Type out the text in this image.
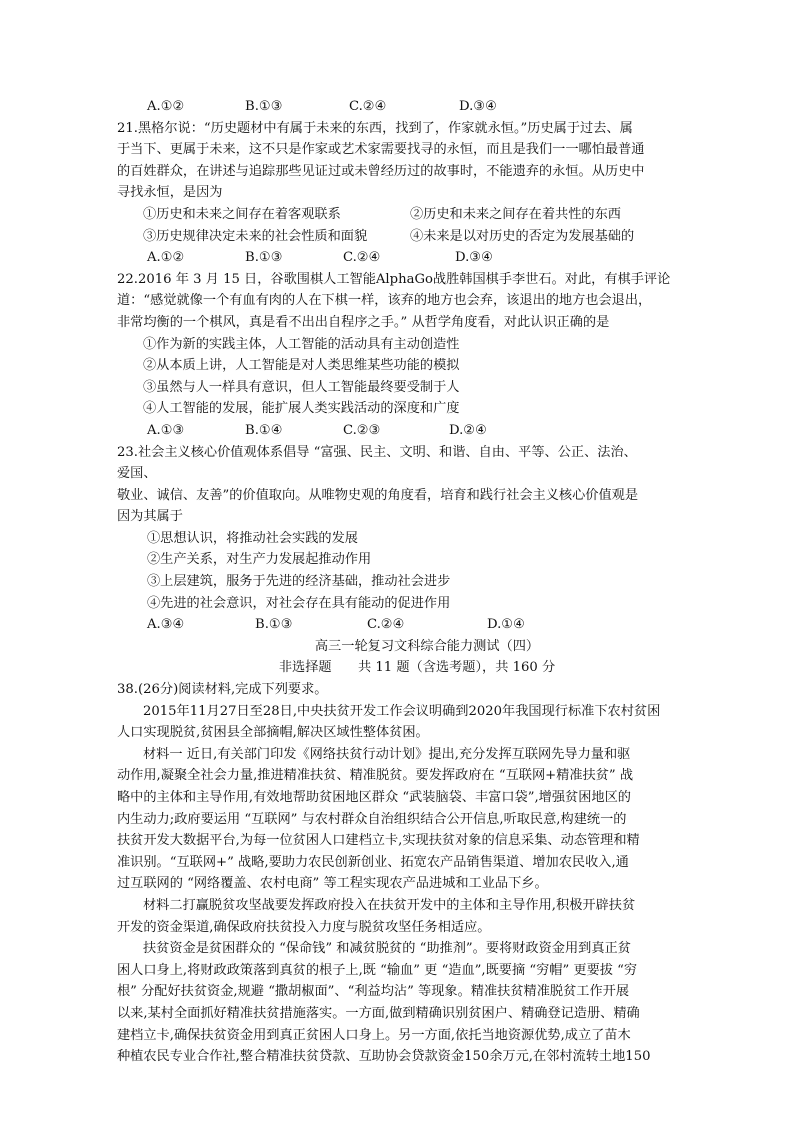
A.①②	B.①③	C.②④	D.③④
21.黑格尔说：“历史题材中有属于未来的东西，找到了，作家就永恒。”历史属于过去、属
于当下、更属于未来，这不只是作家或艺术家需要找寻的永恒，而且是我们一一哪怕最普通
的百姓群众，在讲述与追踪那些见证过或未曾经历过的故事时，不能遗弃的永恒。从历史中
寻找永恒，是因为
①历史和未来之间存在着客观联系	②历史和未来之间存在着共性的东西
③历史规律决定未来的社会性质和面貌	④未来是以对历史的否定为发展基础的
A.①②	B.①③	C.②④	D.③④
22.2016 年 3 月 15 日，谷歌围棋人工智能AlphaGo战胜韩国棋手李世石。对此，有棋手评论
道：“感觉就像一个有血有肉的人在下棋一样，该弃的地方也会弃，该退出的地方也会退出，
非常均衡的一个棋风，真是看不出出自程序之手。” 从哲学角度看，对此认识正确的是
①作为新的实践主体，人工智能的活动具有主动创造性
②从本质上讲，人工智能是对人类思维某些功能的模拟
③虽然与人一样具有意识，但人工智能最终要受制于人
④人工智能的发展，能扩展人类实践活动的深度和广度
A.①③	B.①④	C.②③	D.②④
23.社会主义核心价值观体系倡导 “富强、民主、文明、和谐、自由、平等、公正、法治、
爱国、
敬业、诚信、友善”的价值取向。从唯物史观的角度看，培育和践行社会主义核心价值观是
因为其属于
①思想认识，将推动社会实践的发展
②生产关系，对生产力发展起推动作用
③上层建筑，服务于先进的经济基础，推动社会进步
④先进的社会意识，对社会存在具有能动的促进作用
A.③④	B.①③	C.②④	D.①④
高三一轮复习文科综合能力测试（四）
非选择题　　共 11 题（含选考题），共 160 分
38.(26分)阅读材料,完成下列要求。
2015年11月27日至28日,中央扶贫开发工作会议明确到2020年我国现行标准下农村贫困
人口实现脱贫,贫困县全部摘帽,解决区域性整体贫困。
材料一 近日,有关部门印发《网络扶贫行动计划》提出,充分发挥互联网先导力量和驱
动作用,凝聚全社会力量,推进精准扶贫、精准脱贫。要发挥政府在 “互联网+精准扶贫” 战
略中的主体和主导作用,有效地帮助贫困地区群众 “武装脑袋、丰富口袋”,增强贫困地区的
内生动力;政府要运用 “互联网” 与农村群众自治组织结合公开信息,听取民意,构建统一的
扶贫开发大数据平台,为每一位贫困人口建档立卡,实现扶贫对象的信息采集、动态管理和精
准识别。“互联网+” 战略,要助力农民创新创业、拓宽农产品销售渠道、增加农民收入,通
过互联网的 “网络覆盖、农村电商” 等工程实现农产品进城和工业品下乡。
材料二打赢脱贫攻坚战要发挥政府投入在扶贫开发中的主体和主导作用,积极开辟扶贫
开发的资金渠道,确保政府扶贫投入力度与脱贫攻坚任务相适应。
扶贫资金是贫困群众的 “保命钱” 和减贫脱贫的 “助推剂”。要将财政资金用到真正贫
困人口身上,将财政政策落到真贫的根子上,既 “输血” 更 “造血”,既要摘 “穷帽” 更要拔 “穷
根” 分配好扶贫资金,规避 “撒胡椒面”、“利益均沾” 等现象。精准扶贫精准脱贫工作开展
以来,某村全面抓好精准扶贫措施落实。一方面,做到精确识别贫困户、精确登记造册、精确
建档立卡,确保扶贫资金用到真正贫困人口身上。另一方面,依托当地资源优势,成立了苗木
种植农民专业合作社,整合精准扶贫贷款、互助协会贷款资金150余万元,在邻村流转土地150
